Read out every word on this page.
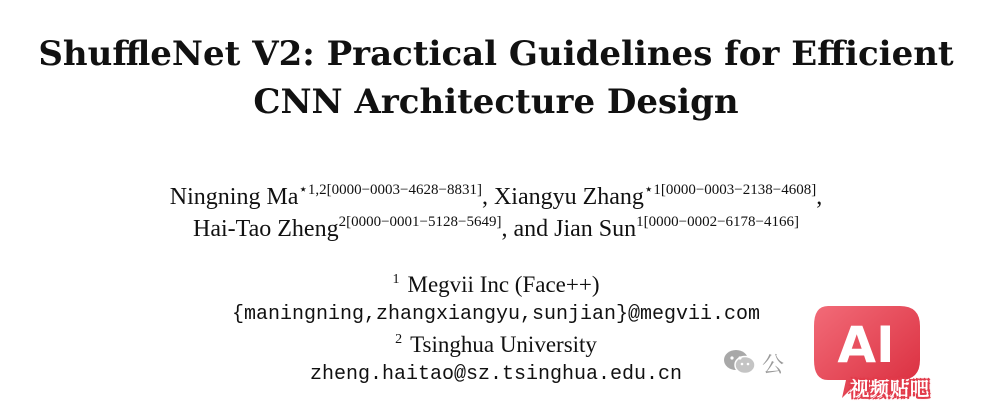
ShuffleNet V2: Practical Guidelines for Efficient
CNN Architecture Design
Ningning $Ma^{⋆1,2[0000-0003-4628-8831]}$, Xiangyu Zhang$^{⋆1[0000-0003-2138-4608]}$,
Hai-Tao Zheng$^{2[0000-0001-5128-5649]}$, and Jian Sun$^{1[0000-0002-6178-4166]}$
$^1$ Megvii Inc (Face++)
{maningning,zhangxiangyu,sunjian}@megvii.com
$^2$ Tsinghua University
zheng.haitao@sz.tsinghua.edu.cn	公 AI
视频贴吧
